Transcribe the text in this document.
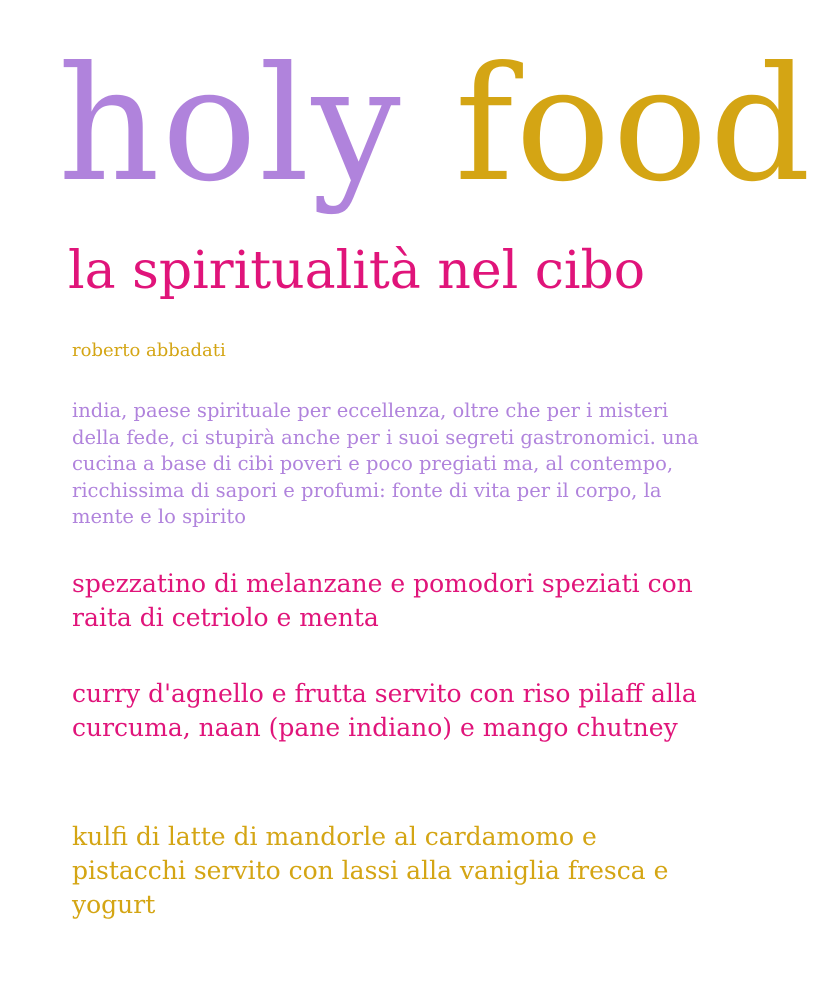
holy food
la spiritualità nel cibo

roberto abbadati

india, paese spirituale per eccellenza, oltre che per i misteri della fede, ci stupirà anche per i suoi segreti gastronomici. una cucina a base di cibi poveri e poco pregiati ma, al contempo, ricchissima di sapori e profumi: fonte di vita per il corpo, la mente e lo spirito

spezzatino di melanzane e pomodori speziati con raita di cetriolo e menta

curry d'agnello e frutta servito con riso pilaff alla curcuma, naan (pane indiano) e mango chutney

kulfi di latte di mandorle al cardamomo e pistacchi servito con lassi alla vaniglia fresca e yogurt
